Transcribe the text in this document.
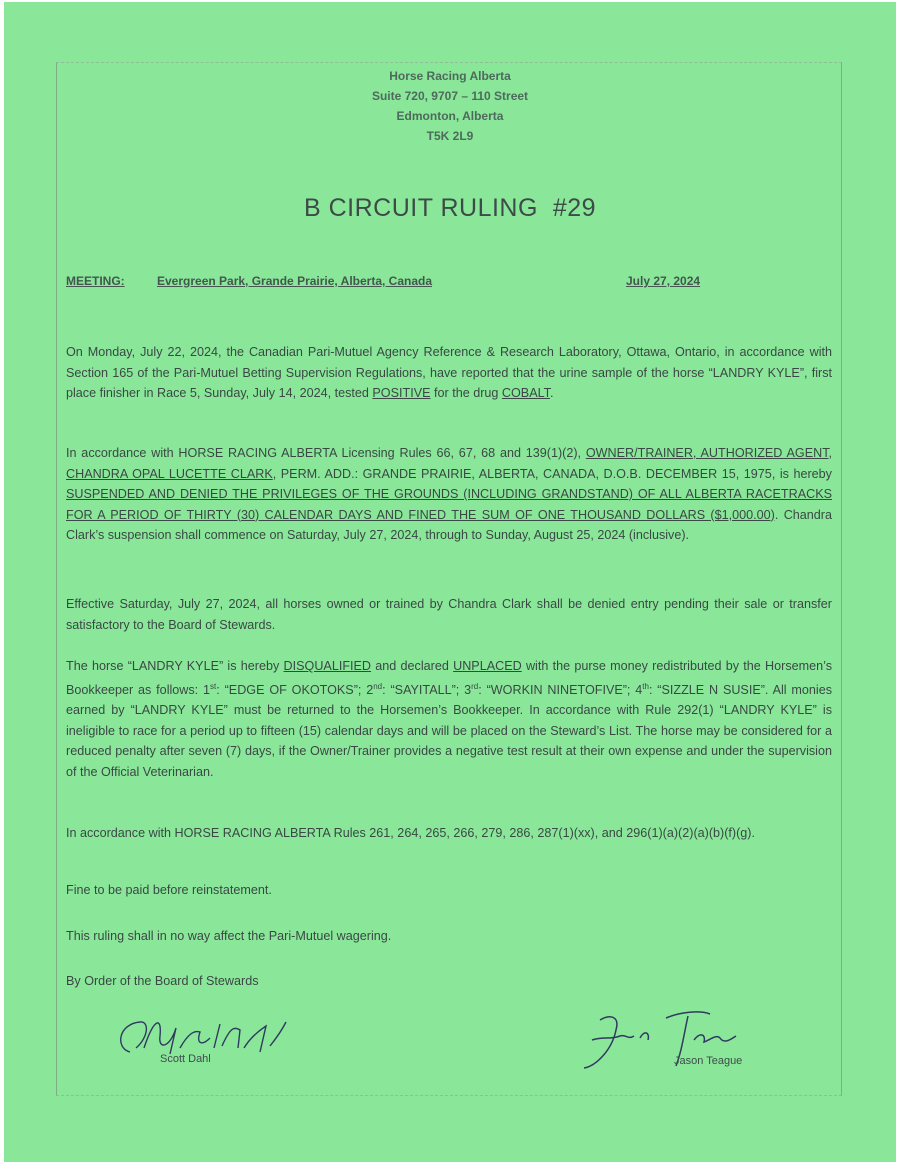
Horse Racing Alberta
Suite 720, 9707 – 110 Street
Edmonton, Alberta
T5K 2L9
B CIRCUIT RULING  #29
MEETING:	Evergreen Park, Grande Prairie, Alberta, Canada	July 27, 2024
On Monday, July 22, 2024, the Canadian Pari-Mutuel Agency Reference & Research Laboratory, Ottawa, Ontario, in accordance with Section 165 of the Pari-Mutuel Betting Supervision Regulations, have reported that the urine sample of the horse “LANDRY KYLE”, first place finisher in Race 5, Sunday, July 14, 2024, tested POSITIVE for the drug COBALT.
In accordance with HORSE RACING ALBERTA Licensing Rules 66, 67, 68 and 139(1)(2), OWNER/TRAINER, AUTHORIZED AGENT, CHANDRA OPAL LUCETTE CLARK, PERM. ADD.: GRANDE PRAIRIE, ALBERTA, CANADA, D.O.B. DECEMBER 15, 1975, is hereby SUSPENDED AND DENIED THE PRIVILEGES OF THE GROUNDS (INCLUDING GRANDSTAND) OF ALL ALBERTA RACETRACKS FOR A PERIOD OF THIRTY (30) CALENDAR DAYS AND FINED THE SUM OF ONE THOUSAND DOLLARS ($1,000.00). Chandra Clark’s suspension shall commence on Saturday, July 27, 2024, through to Sunday, August 25, 2024 (inclusive).
Effective Saturday, July 27, 2024, all horses owned or trained by Chandra Clark shall be denied entry pending their sale or transfer satisfactory to the Board of Stewards.
The horse “LANDRY KYLE” is hereby DISQUALIFIED and declared UNPLACED with the purse money redistributed by the Horsemen’s Bookkeeper as follows: 1st: “EDGE OF OKOTOKS”; 2nd: “SAYITALL”; 3rd: “WORKIN NINETOFIVE”; 4th: “SIZZLE N SUSIE”. All monies earned by “LANDRY KYLE” must be returned to the Horsemen’s Bookkeeper. In accordance with Rule 292(1) “LANDRY KYLE” is ineligible to race for a period up to fifteen (15) calendar days and will be placed on the Steward’s List. The horse may be considered for a reduced penalty after seven (7) days, if the Owner/Trainer provides a negative test result at their own expense and under the supervision of the Official Veterinarian.
In accordance with HORSE RACING ALBERTA Rules 261, 264, 265, 266, 279, 286, 287(1)(xx), and 296(1)(a)(2)(a)(b)(f)(g).
Fine to be paid before reinstatement.
This ruling shall in no way affect the Pari-Mutuel wagering.
By Order of the Board of Stewards
Scott Dahl	Jason Teague
